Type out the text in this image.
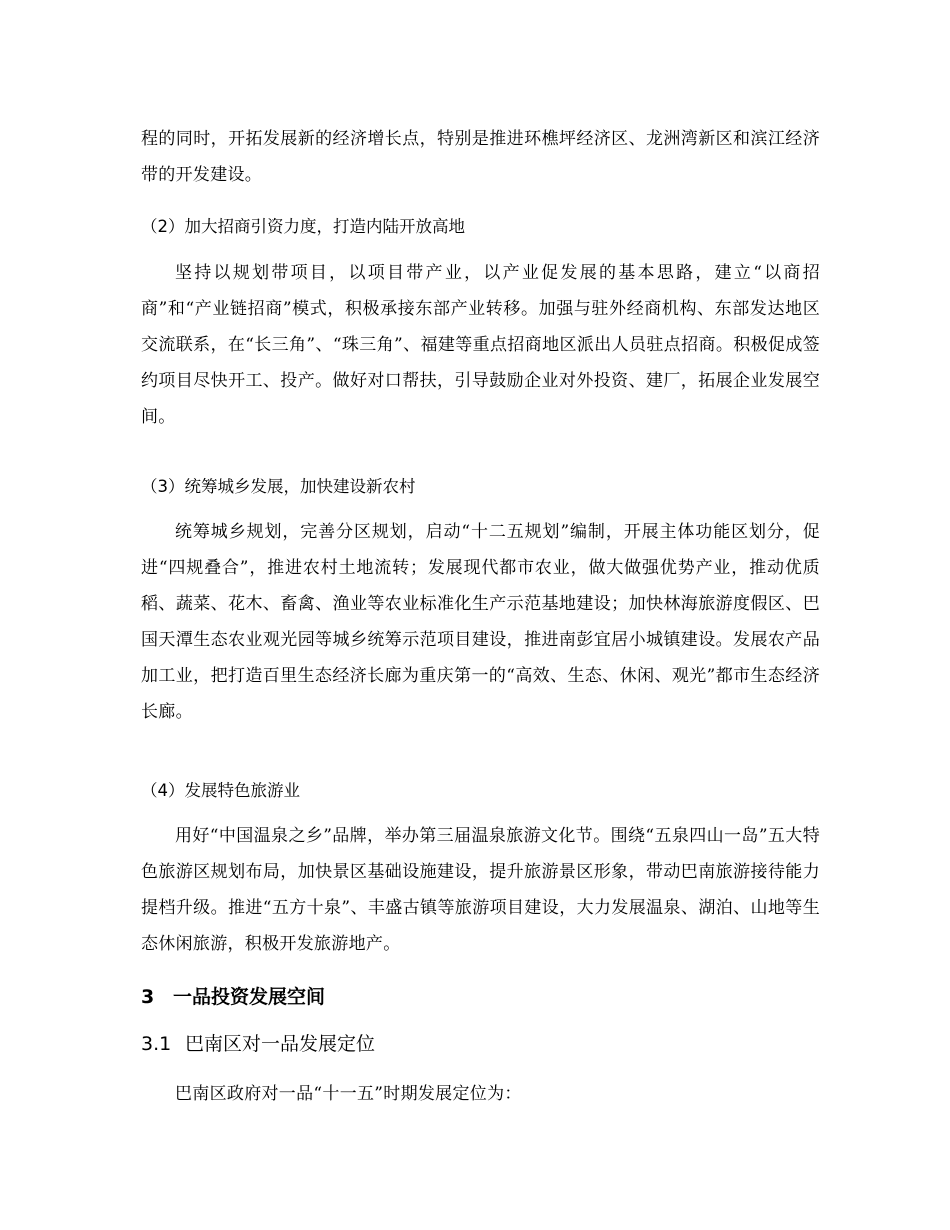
程的同时，开拓发展新的经济增长点，特别是推进环樵坪经济区、龙洲湾新区和滨江经济带的开发建设。

（2）加大招商引资力度，打造内陆开放高地

坚持以规划带项目，以项目带产业，以产业促发展的基本思路，建立“以商招商”和“产业链招商”模式，积极承接东部产业转移。加强与驻外经商机构、东部发达地区交流联系，在“长三角”、“珠三角”、福建等重点招商地区派出人员驻点招商。积极促成签约项目尽快开工、投产。做好对口帮扶，引导鼓励企业对外投资、建厂，拓展企业发展空间。

（3）统筹城乡发展，加快建设新农村

统筹城乡规划，完善分区规划，启动“十二五规划”编制，开展主体功能区划分，促进“四规叠合”，推进农村土地流转；发展现代都市农业，做大做强优势产业，推动优质稻、蔬菜、花木、畜禽、渔业等农业标准化生产示范基地建设；加快林海旅游度假区、巴国天潭生态农业观光园等城乡统筹示范项目建设，推进南彭宜居小城镇建设。发展农产品加工业，把打造百里生态经济长廊为重庆第一的“高效、生态、休闲、观光”都市生态经济长廊。

（4）发展特色旅游业

用好“中国温泉之乡”品牌，举办第三届温泉旅游文化节。围绕“五泉四山一岛”五大特色旅游区规划布局，加快景区基础设施建设，提升旅游景区形象，带动巴南旅游接待能力提档升级。推进“五方十泉”、丰盛古镇等旅游项目建设，大力发展温泉、湖泊、山地等生态休闲旅游，积极开发旅游地产。

3 一品投资发展空间
3.1 巴南区对一品发展定位

巴南区政府对一品“十一五”时期发展定位为：
